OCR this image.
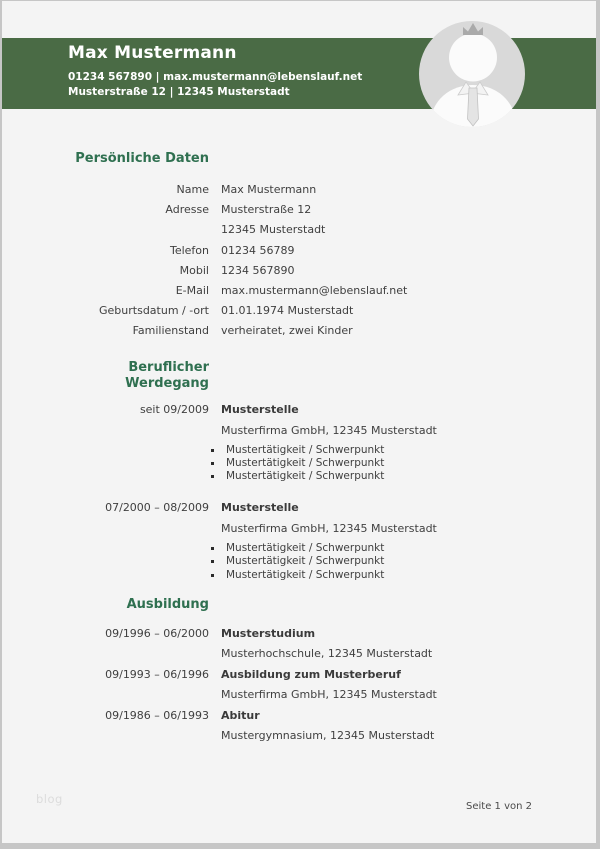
Max Mustermann
01234 567890 | max.mustermann@lebenslauf.net
Musterstraße 12 | 12345 Musterstadt
Persönliche Daten
Name Max Mustermann
Adresse Musterstraße 12
12345 Musterstadt
Telefon 01234 56789
Mobil 1234 567890
E-Mail max.mustermann@lebenslauf.net
Geburtsdatum / -ort 01.01.1974 Musterstadt
Familienstand verheiratet, zwei Kinder
Beruflicher
Werdegang
seit 09/2009 Musterstelle
Musterfirma GmbH, 12345 Musterstadt
Mustertätigkeit / Schwerpunkt
Mustertätigkeit / Schwerpunkt
Mustertätigkeit / Schwerpunkt
07/2000 – 08/2009 Musterstelle
Musterfirma GmbH, 12345 Musterstadt
Mustertätigkeit / Schwerpunkt
Mustertätigkeit / Schwerpunkt
Mustertätigkeit / Schwerpunkt
Ausbildung
09/1996 – 06/2000 Musterstudium
Musterhochschule, 12345 Musterstadt
09/1993 – 06/1996 Ausbildung zum Musterberuf
Musterfirma GmbH, 12345 Musterstadt
09/1986 – 06/1993 Abitur
Mustergymnasium, 12345 Musterstadt
blog
Seite 1 von 2
